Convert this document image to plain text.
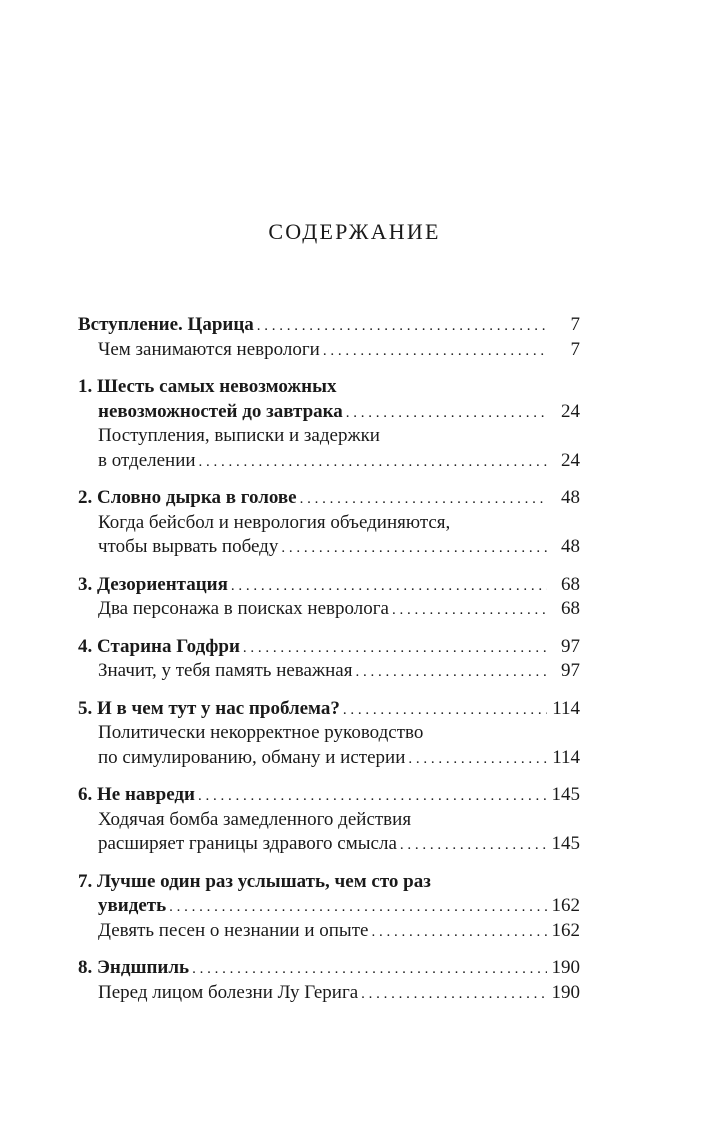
СОДЕРЖАНИЕ
Вступление. Царица . . .	7
Чем занимаются неврологи . . .	7
1. Шесть самых невозможных
невозможностей до завтрака . . .	24
Поступления, выписки и задержки
в отделении . . .	24
2. Словно дырка в голове . . .	48
Когда бейсбол и неврология объединяются,
чтобы вырвать победу . . .	48
3. Дезориентация . . .	68
Два персонажа в поисках невролога . . .	68
4. Старина Годфри . . .	97
Значит, у тебя память неважная . . .	97
5. И в чем тут у нас проблема? . . .	114
Политически некорректное руководство
по симулированию, обману и истерии . . .	114
6. Не навреди . . .	145
Ходячая бомба замедленного действия
расширяет границы здравого смысла . . .	145
7. Лучше один раз услышать, чем сто раз
увидеть . . .	162
Девять песен о незнании и опыте . . .	162
8. Эндшпиль . . .	190
Перед лицом болезни Лу Герига . . .	190
